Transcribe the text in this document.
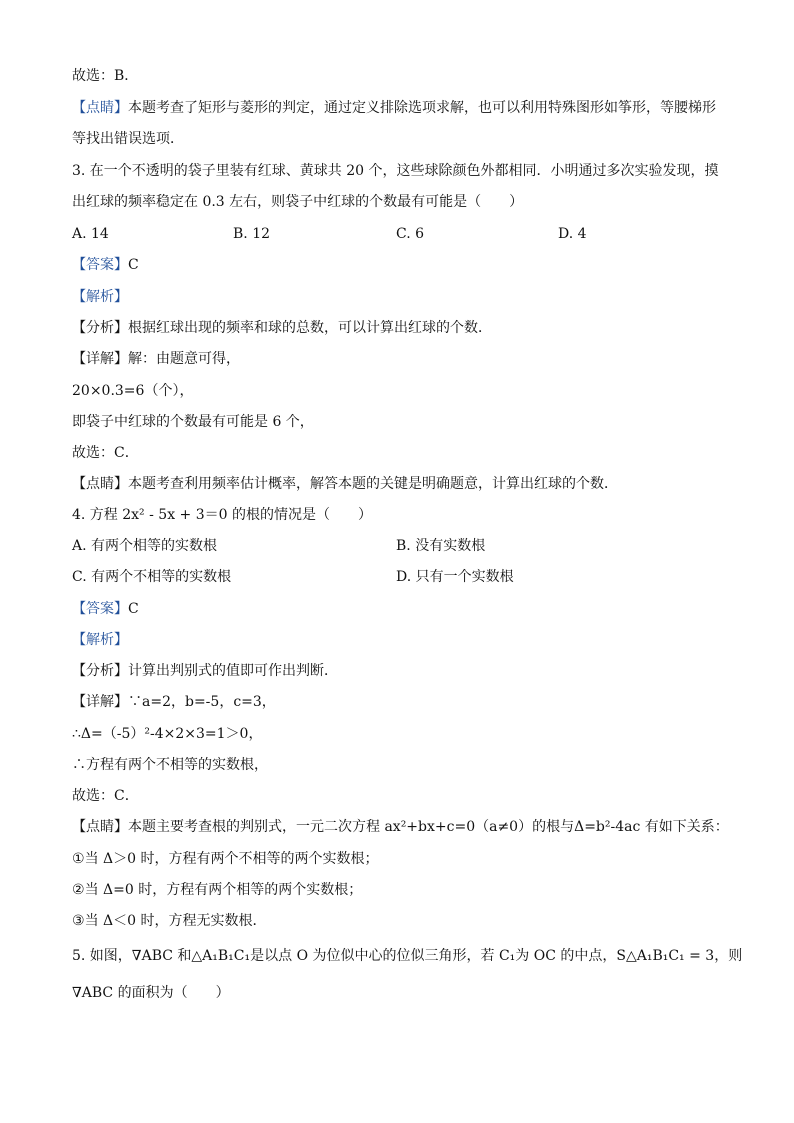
故选：B．
【点睛】本题考查了矩形与菱形的判定，通过定义排除选项求解，也可以利用特殊图形如筝形，等腰梯形
等找出错误选项．
3. 在一个不透明的袋子里装有红球、黄球共 20 个，这些球除颜色外都相同．小明通过多次实验发现，摸
出红球的频率稳定在 0.3 左右，则袋子中红球的个数最有可能是（　　）
A. 14	B. 12	C. 6	D. 4
【答案】C
【解析】
【分析】根据红球出现的频率和球的总数，可以计算出红球的个数．
【详解】解：由题意可得，
20×0.3=6（个），
即袋子中红球的个数最有可能是 6 个，
故选：C．
【点睛】本题考查利用频率估计概率，解答本题的关键是明确题意，计算出红球的个数．
4. 方程 2x² - 5x + 3＝0 的根的情况是（　　）
A. 有两个相等的实数根	B. 没有实数根
C. 有两个不相等的实数根	D. 只有一个实数根
【答案】C
【解析】
【分析】计算出判别式的值即可作出判断．
【详解】∵a=2，b=-5，c=3，
∴Δ=（-5）²-4×2×3=1＞0，
∴方程有两个不相等的实数根，
故选：C．
【点睛】本题主要考查根的判别式，一元二次方程 ax²+bx+c=0（a≠0）的根与Δ=b²-4ac 有如下关系：
①当 Δ＞0 时，方程有两个不相等的两个实数根；
②当 Δ=0 时，方程有两个相等的两个实数根；
③当 Δ＜0 时，方程无实数根．
5. 如图，∇ABC 和△A₁B₁C₁是以点 O 为位似中心的位似三角形，若 C₁为 OC 的中点，S△A₁B₁C₁ = 3，则
∇ABC 的面积为（　　）
